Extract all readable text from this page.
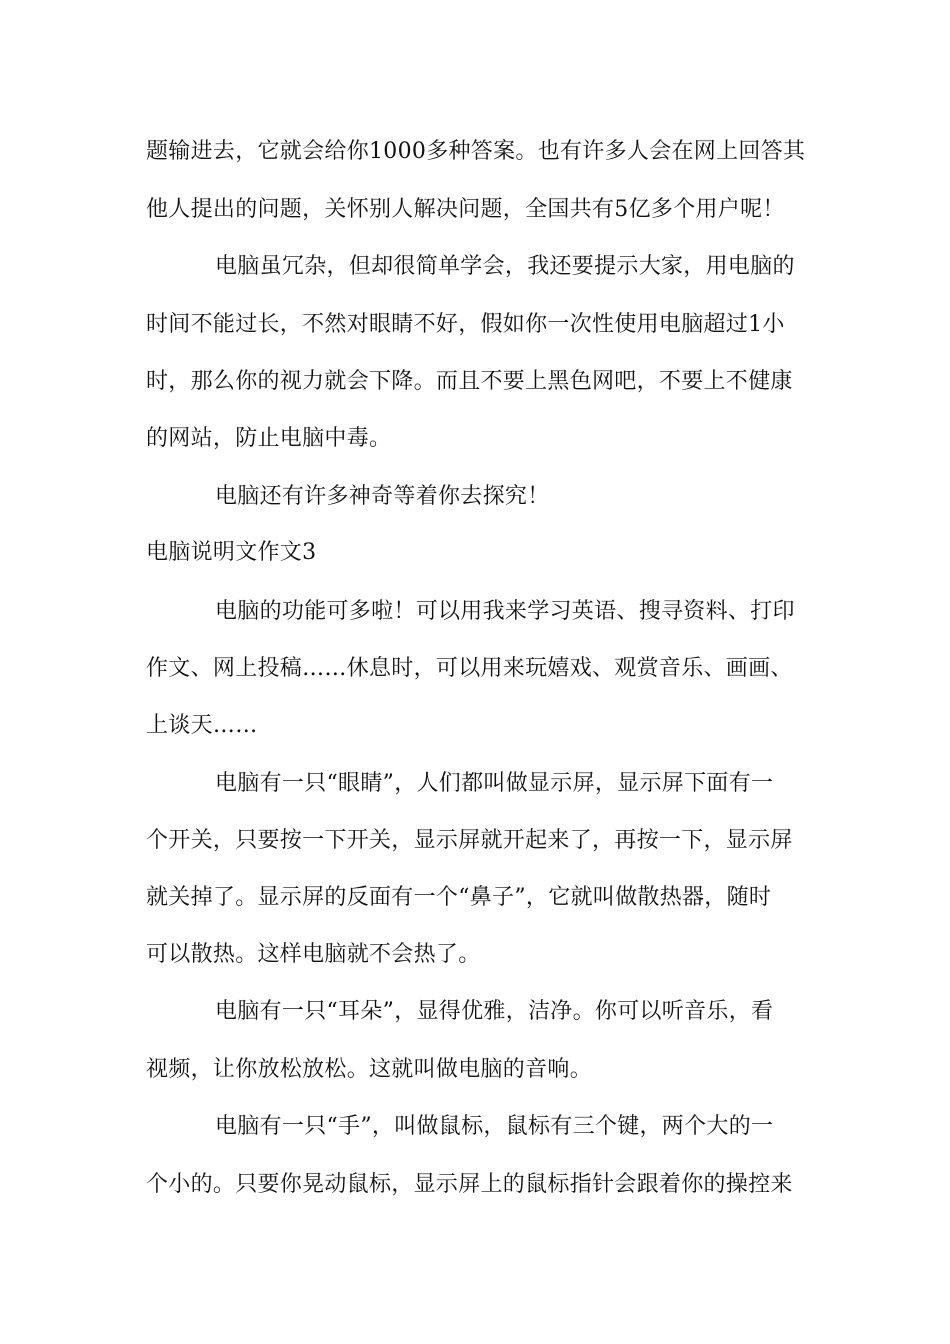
题输进去，它就会给你1000多种答案。也有许多人会在网上回答其
他人提出的问题，关怀别人解决问题，全国共有5亿多个用户呢！
电脑虽冗杂，但却很简单学会，我还要提示大家，用电脑的
时间不能过长，不然对眼睛不好，假如你一次性使用电脑超过1小
时，那么你的视力就会下降。而且不要上黑色网吧，不要上不健康
的网站，防止电脑中毒。
电脑还有许多神奇等着你去探究！
电脑说明文作文3
电脑的功能可多啦！可以用我来学习英语、搜寻资料、打印
作文、网上投稿……休息时，可以用来玩嬉戏、观赏音乐、画画、
上谈天……
电脑有一只“眼睛”，人们都叫做显示屏，显示屏下面有一
个开关，只要按一下开关，显示屏就开起来了，再按一下，显示屏
就关掉了。显示屏的反面有一个“鼻子”，它就叫做散热器，随时
可以散热。这样电脑就不会热了。
电脑有一只“耳朵”，显得优雅，洁净。你可以听音乐，看
视频，让你放松放松。这就叫做电脑的音响。
电脑有一只“手”，叫做鼠标，鼠标有三个键，两个大的一
个小的。只要你晃动鼠标，显示屏上的鼠标指针会跟着你的操控来
